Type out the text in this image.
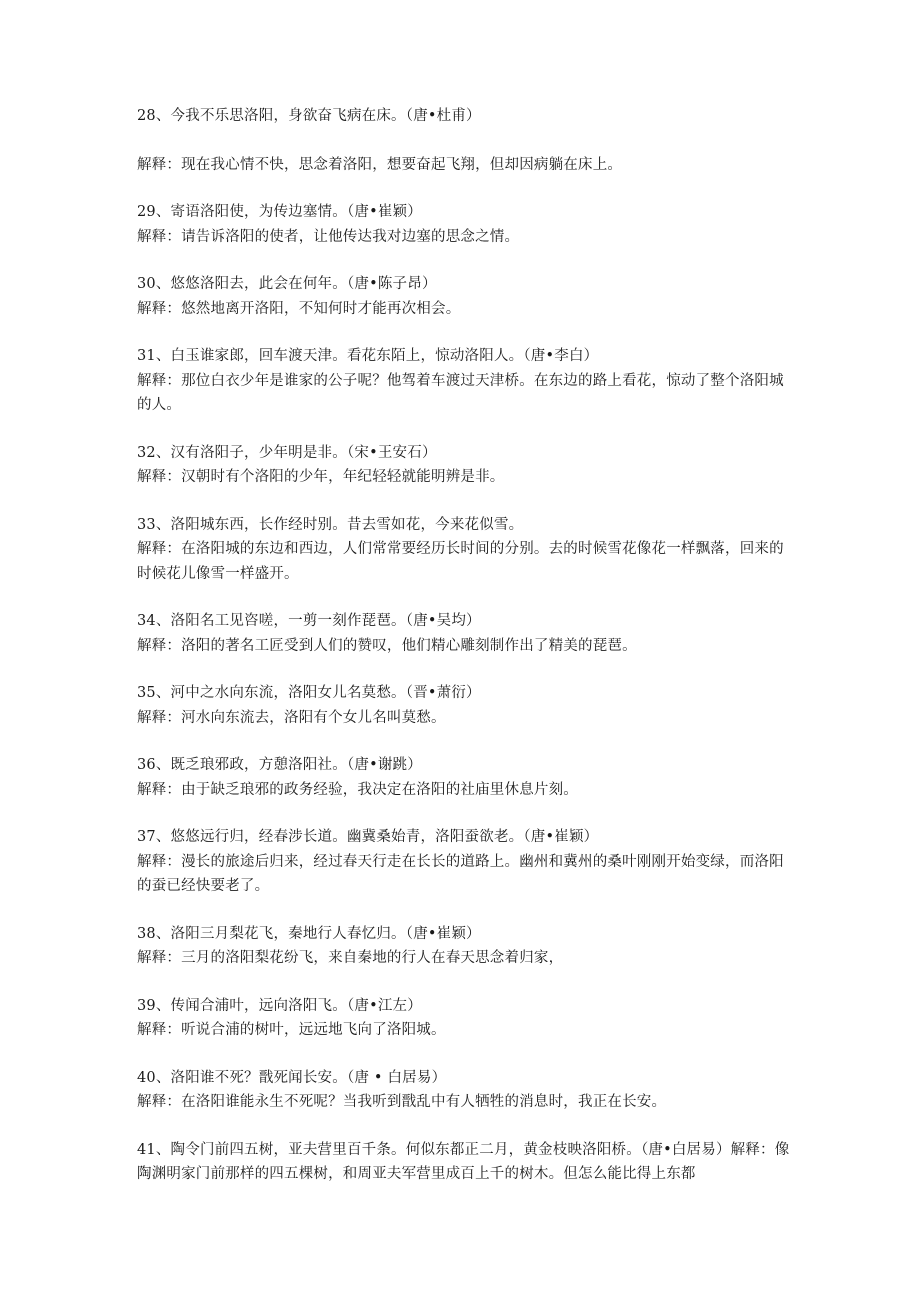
28、今我不乐思洛阳，身欲奋飞病在床。（唐•杜甫）
解释：现在我心情不快，思念着洛阳，想要奋起飞翔，但却因病躺在床上。
29、寄语洛阳使，为传边塞情。（唐•崔颖）
解释：请告诉洛阳的使者，让他传达我对边塞的思念之情。
30、悠悠洛阳去，此会在何年。（唐•陈子昂）
解释：悠然地离开洛阳，不知何时才能再次相会。
31、白玉谁家郎，回车渡天津。看花东陌上，惊动洛阳人。（唐•李白）
解释：那位白衣少年是谁家的公子呢？他驾着车渡过天津桥。在东边的路上看花，惊动了整个洛阳城的人。
32、汉有洛阳子，少年明是非。（宋•王安石）
解释：汉朝时有个洛阳的少年，年纪轻轻就能明辨是非。
33、洛阳城东西，长作经时别。昔去雪如花，今来花似雪。
解释：在洛阳城的东边和西边，人们常常要经历长时间的分别。去的时候雪花像花一样飘落，回来的时候花儿像雪一样盛开。
34、洛阳名工见咨嗟，一剪一刻作琵琶。（唐•吴均）
解释：洛阳的著名工匠受到人们的赞叹，他们精心雕刻制作出了精美的琵琶。
35、河中之水向东流，洛阳女儿名莫愁。（晋•萧衍）
解释：河水向东流去，洛阳有个女儿名叫莫愁。
36、既乏琅邪政，方憩洛阳社。（唐•谢跳）
解释：由于缺乏琅邪的政务经验，我决定在洛阳的社庙里休息片刻。
37、悠悠远行归，经春涉长道。幽冀桑始青，洛阳蚕欲老。（唐•崔颖）
解释：漫长的旅途后归来，经过春天行走在长长的道路上。幽州和冀州的桑叶刚刚开始变绿，而洛阳的蚕已经快要老了。
38、洛阳三月梨花飞，秦地行人春忆归。（唐•崔颖）
解释：三月的洛阳梨花纷飞，来自秦地的行人在春天思念着归家，
39、传闻合浦叶，远向洛阳飞。（唐•江左）
解释：听说合浦的树叶，远远地飞向了洛阳城。
40、洛阳谁不死？戬死闻长安。（唐 • 白居易）
解释：在洛阳谁能永生不死呢？当我听到戬乱中有人牺牲的消息时，我正在长安。
41、陶令门前四五树，亚夫营里百千条。何似东都正二月，黄金枝映洛阳桥。（唐•白居易）解释：像陶渊明家门前那样的四五棵树，和周亚夫军营里成百上千的树木。但怎么能比得上东都
